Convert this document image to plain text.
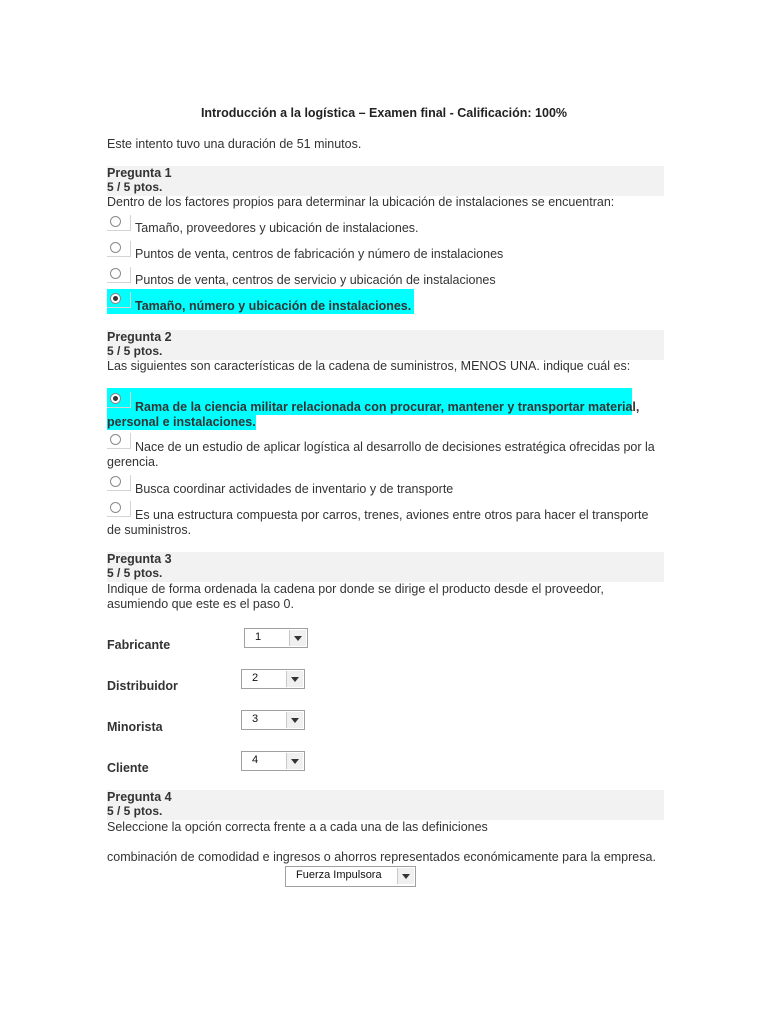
Introducción a la logística – Examen final - Calificación: 100%
Este intento tuvo una duración de 51 minutos.
Pregunta 1
5 / 5 ptos.
Dentro de los factores propios para determinar la ubicación de instalaciones se encuentran:
Tamaño, proveedores y ubicación de instalaciones.
Puntos de venta, centros de fabricación y número de instalaciones
Puntos de venta, centros de servicio y ubicación de instalaciones
Tamaño, número y ubicación de instalaciones.
Pregunta 2
5 / 5 ptos.
Las siguientes son características de la cadena de suministros, MENOS UNA. indique cuál es:
Rama de la ciencia militar relacionada con procurar, mantener y transportar material, personal e instalaciones.
Nace de un estudio de aplicar logística al desarrollo de decisiones estratégica ofrecidas por la gerencia.
Busca coordinar actividades de inventario y de transporte
Es una estructura compuesta por carros, trenes, aviones entre otros para hacer el transporte de suministros.
Pregunta 3
5 / 5 ptos.
Indique de forma ordenada la cadena por donde se dirige el producto desde el proveedor, asumiendo que este es el paso 0.
Fabricante
1
Distribuidor
2
Minorista
3
Cliente
4
Pregunta 4
5 / 5 ptos.
Seleccione la opción correcta frente a a cada una de las definiciones
combinación de comodidad e ingresos o ahorros representados económicamente para la empresa.
Fuerza Impulsora
